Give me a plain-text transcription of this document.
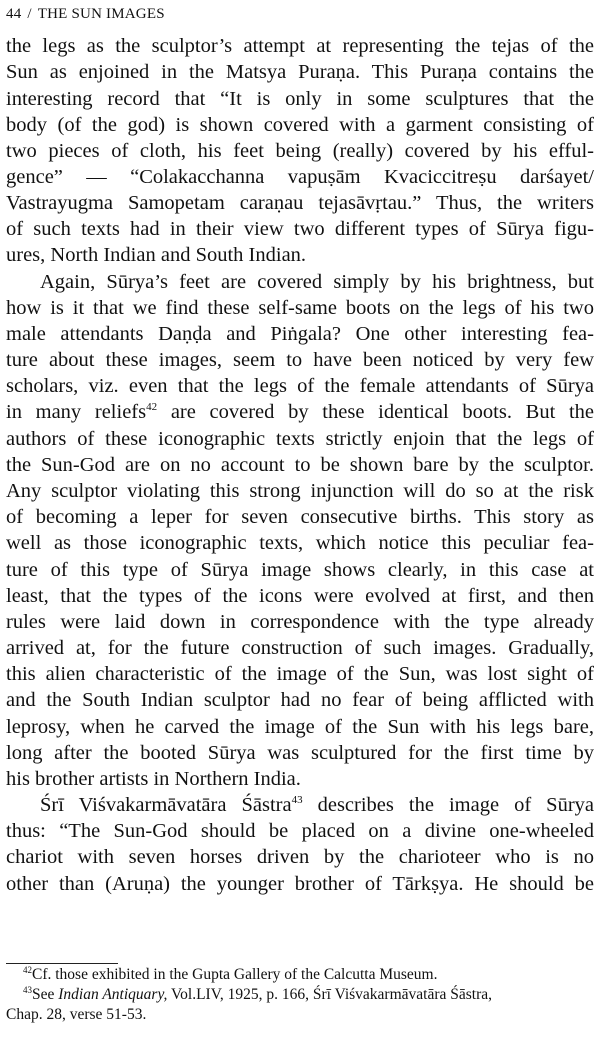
44 / THE SUN IMAGES
the legs as the sculptor’s attempt at representing the tejas of the
Sun as enjoined in the Matsya Puraṇa. This Puraṇa contains the
interesting record that “It is only in some sculptures that the
body (of the god) is shown covered with a garment consisting of
two pieces of cloth, his feet being (really) covered by his efful-
gence” — “Colakacchanna vapuṣām Kvaciccitreṣu darśayet/
Vastrayugma Samopetam caraṇau tejasāvṛtau.” Thus, the writers
of such texts had in their view two different types of Sūrya figu-
ures, North Indian and South Indian.
Again, Sūrya’s feet are covered simply by his brightness, but
how is it that we find these self-same boots on the legs of his two
male attendants Daṇḍa and Piṅgala? One other interesting fea-
ture about these images, seem to have been noticed by very few
scholars, viz. even that the legs of the female attendants of Sūrya
in many reliefs$^{42}$ are covered by these identical boots. But the
authors of these iconographic texts strictly enjoin that the legs of
the Sun-God are on no account to be shown bare by the sculptor.
Any sculptor violating this strong injunction will do so at the risk
of becoming a leper for seven consecutive births. This story as
well as those iconographic texts, which notice this peculiar fea-
ture of this type of Sūrya image shows clearly, in this case at
least, that the types of the icons were evolved at first, and then
rules were laid down in correspondence with the type already
arrived at, for the future construction of such images. Gradually,
this alien characteristic of the image of the Sun, was lost sight of
and the South Indian sculptor had no fear of being afflicted with
leprosy, when he carved the image of the Sun with his legs bare,
long after the booted Sūrya was sculptured for the first time by
his brother artists in Northern India.
Śrī Viśvakarmāvatāra Śāstra$^{43}$ describes the image of Sūrya
thus: “The Sun-God should be placed on a divine one-wheeled
chariot with seven horses driven by the charioteer who is no
other than (Aruṇa) the younger brother of Tārkṣya. He should be
$^{42}$Cf. those exhibited in the Gupta Gallery of the Calcutta Museum.
$^{43}$See Indian Antiquary, Vol.LIV, 1925, p. 166, Śrī Viśvakarmāvatāra Śāstra,
Chap. 28, verse 51-53.
